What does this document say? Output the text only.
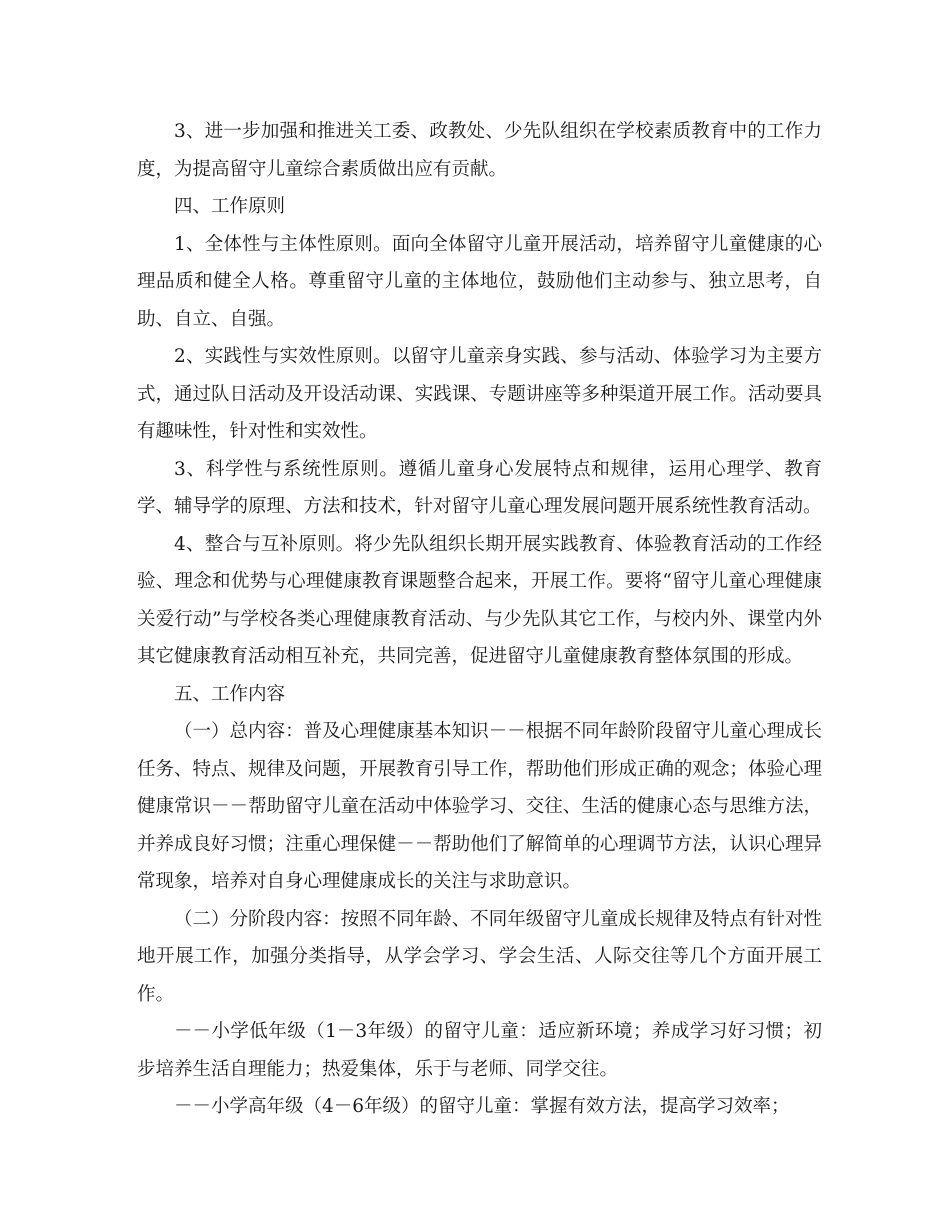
3、进一步加强和推进关工委、政教处、少先队组织在学校素质教育中的工作力度，为提高留守儿童综合素质做出应有贡献。

四、工作原则

1、全体性与主体性原则。面向全体留守儿童开展活动，培养留守儿童健康的心理品质和健全人格。尊重留守儿童的主体地位，鼓励他们主动参与、独立思考，自助、自立、自强。

2、实践性与实效性原则。以留守儿童亲身实践、参与活动、体验学习为主要方式，通过队日活动及开设活动课、实践课、专题讲座等多种渠道开展工作。活动要具有趣味性，针对性和实效性。

3、科学性与系统性原则。遵循儿童身心发展特点和规律，运用心理学、教育学、辅导学的原理、方法和技术，针对留守儿童心理发展问题开展系统性教育活动。

4、整合与互补原则。将少先队组织长期开展实践教育、体验教育活动的工作经验、理念和优势与心理健康教育课题整合起来，开展工作。要将“留守儿童心理健康关爱行动”与学校各类心理健康教育活动、与少先队其它工作，与校内外、课堂内外其它健康教育活动相互补充，共同完善，促进留守儿童健康教育整体氛围的形成。

五、工作内容

（一）总内容：普及心理健康基本知识－－根据不同年龄阶段留守儿童心理成长任务、特点、规律及问题，开展教育引导工作，帮助他们形成正确的观念；体验心理健康常识－－帮助留守儿童在活动中体验学习、交往、生活的健康心态与思维方法，并养成良好习惯；注重心理保健－－帮助他们了解简单的心理调节方法，认识心理异常现象，培养对自身心理健康成长的关注与求助意识。

（二）分阶段内容：按照不同年龄、不同年级留守儿童成长规律及特点有针对性地开展工作，加强分类指导，从学会学习、学会生活、人际交往等几个方面开展工作。

－－小学低年级（1－3年级）的留守儿童：适应新环境；养成学习好习惯；初步培养生活自理能力；热爱集体，乐于与老师、同学交往。

－－小学高年级（4－6年级）的留守儿童：掌握有效方法，提高学习效率；
